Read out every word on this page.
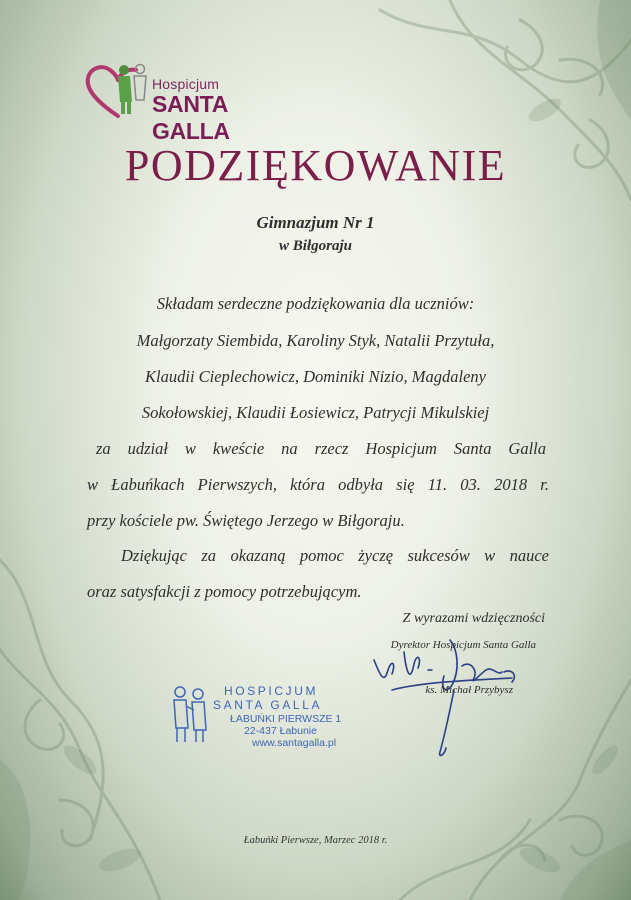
Hospicjum
SANTA GALLA
PODZIĘKOWANIE
Gimnazjum Nr 1
w Biłgoraju
Składam serdeczne podziękowania dla uczniów:
Małgorzaty Siembida, Karoliny Styk, Natalii Przytuła,
Klaudii Cieplechowicz, Dominiki Nizio, Magdaleny
Sokołowskiej, Klaudii Łosiewicz, Patrycji Mikulskiej
za udział w kweście na rzecz Hospicjum Santa Galla
w Łabuńkach Pierwszych, która odbyła się 11. 03. 2018 r.
przy kościele pw. Świętego Jerzego w Biłgoraju.
Dziękując za okazaną pomoc życzę sukcesów w nauce
oraz satysfakcji z pomocy potrzebującym.
Z wyrazami wdzięczności
Dyrektor Hospicjum Santa Galla
ks. Michał Przybysz
HOSPICJUM
SANTA GALLA
ŁABUŃKI PIERWSZE 1
22-437 Łabunie
www.santagalla.pl
Łabuńki Pierwsze, Marzec 2018 r.
